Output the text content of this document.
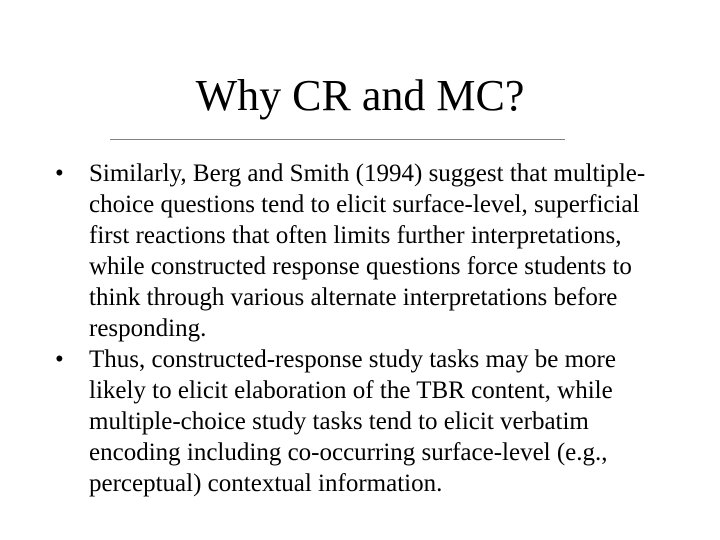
Why CR and MC?
•	Similarly, Berg and Smith (1994) suggest that multiple-choice questions tend to elicit surface-level, superficial first reactions that often limits further interpretations, while constructed response questions force students to think through various alternate interpretations before responding.
•	Thus, constructed-response study tasks may be more likely to elicit elaboration of the TBR content, while multiple-choice study tasks tend to elicit verbatim encoding including co-occurring surface-level (e.g., perceptual) contextual information.
